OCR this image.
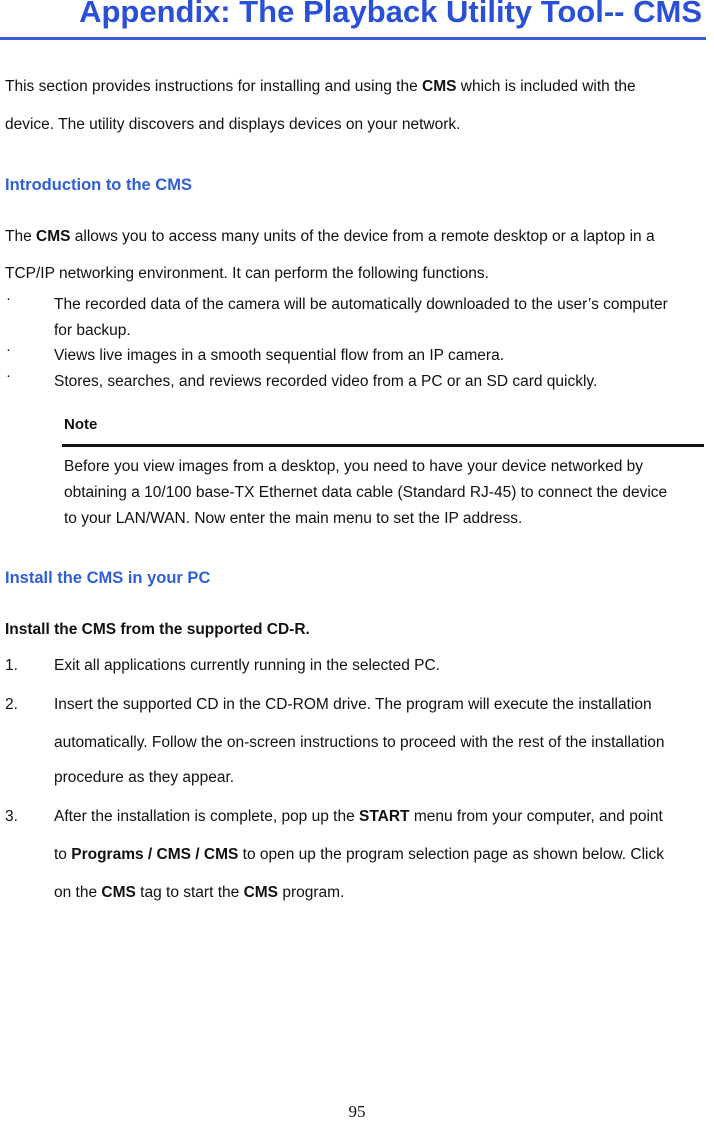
Appendix: The Playback Utility Tool-- CMS
This section provides instructions for installing and using the CMS which is included with the
device. The utility discovers and displays devices on your network.
Introduction to the CMS
The CMS allows you to access many units of the device from a remote desktop or a laptop in a
TCP/IP networking environment. It can perform the following functions.
·	The recorded data of the camera will be automatically downloaded to the user’s computer
for backup.
·	Views live images in a smooth sequential flow from an IP camera.
·	Stores, searches, and reviews recorded video from a PC or an SD card quickly.
Note
Before you view images from a desktop, you need to have your device networked by
obtaining a 10/100 base-TX Ethernet data cable (Standard RJ-45) to connect the device
to your LAN/WAN. Now enter the main menu to set the IP address.
Install the CMS in your PC
Install the CMS from the supported CD-R.
1. Exit all applications currently running in the selected PC.
2. Insert the supported CD in the CD-ROM drive. The program will execute the installation
automatically. Follow the on-screen instructions to proceed with the rest of the installation
procedure as they appear.
3. After the installation is complete, pop up the START menu from your computer, and point
to Programs / CMS / CMS to open up the program selection page as shown below. Click
on the CMS tag to start the CMS program.
95
